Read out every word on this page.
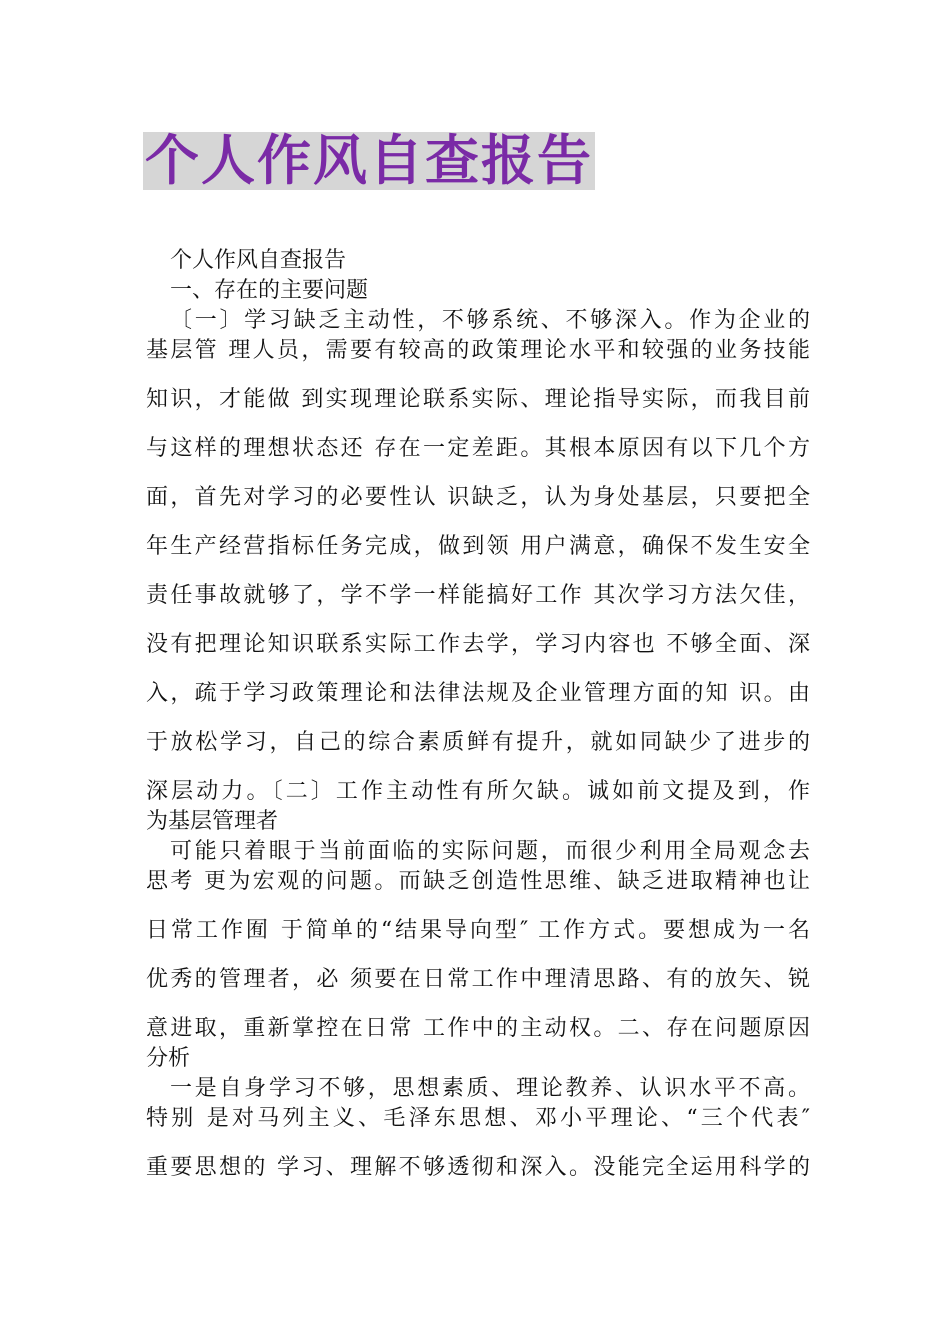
个人作风自查报告
个人作风自查报告
一、存在的主要问题
〔一〕学习缺乏主动性，不够系统、不够深入。作为企业的
基层管 理人员，需要有较高的政策理论水平和较强的业务技能
知识，才能做 到实现理论联系实际、理论指导实际，而我目前
与这样的理想状态还 存在一定差距。其根本原因有以下几个方
面，首先对学习的必要性认 识缺乏，认为身处基层，只要把全
年生产经营指标任务完成，做到领 用户满意，确保不发生安全
责任事故就够了，学不学一样能搞好工作 其次学习方法欠佳，
没有把理论知识联系实际工作去学，学习内容也 不够全面、深
入，疏于学习政策理论和法律法规及企业管理方面的知 识。由
于放松学习，自己的综合素质鲜有提升，就如同缺少了进步的
深层动力。〔二〕工作主动性有所欠缺。诚如前文提及到，作
为基层管理者
可能只着眼于当前面临的实际问题，而很少利用全局观念去
思考 更为宏观的问题。而缺乏创造性思维、缺乏进取精神也让
日常工作囿 于简单的“结果导向型″ 工作方式。要想成为一名
优秀的管理者，必 须要在日常工作中理清思路、有的放矢、锐
意进取，重新掌控在日常 工作中的主动权。二、存在问题原因
分析
一是自身学习不够，思想素质、理论教养、认识水平不高。
特别 是对马列主义、毛泽东思想、邓小平理论、“三个代表″
重要思想的 学习、理解不够透彻和深入。没能完全运用科学的
